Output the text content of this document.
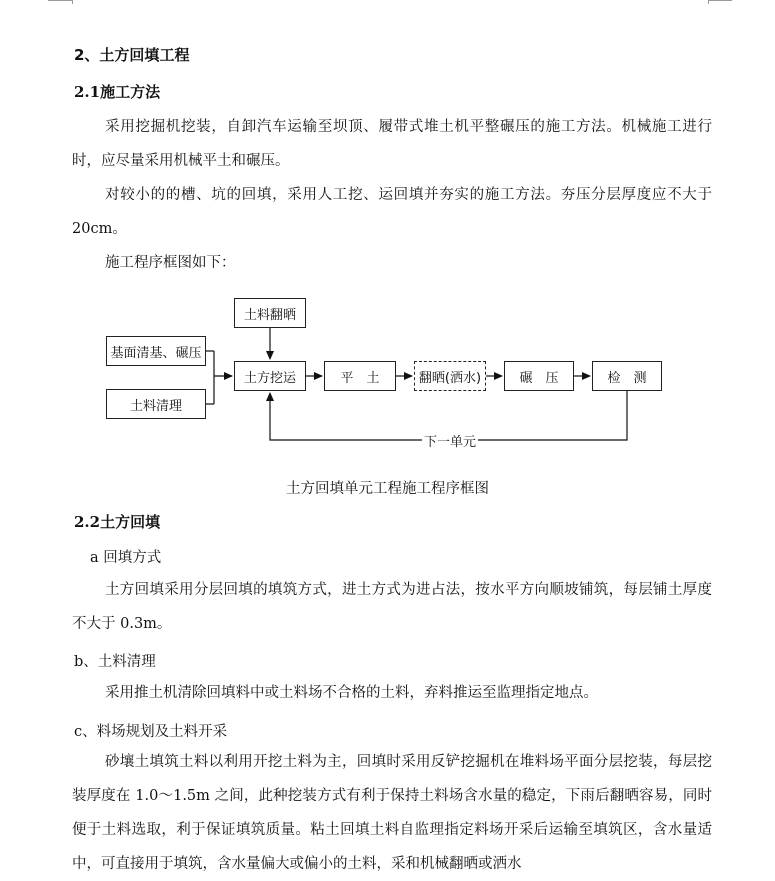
2、土方回填工程
2.1施工方法
采用挖掘机挖装，自卸汽车运输至坝顶、履带式堆土机平整碾压的施工方法。机械施工进行时，应尽量采用机械平土和碾压。
对较小的的槽、坑的回填，采用人工挖、运回填并夯实的施工方法。夯压分层厚度应不大于 20cm。
施工程序框图如下：
土料翻晒
基面清基、碾压
土料清理
土方挖运	平　土	翻晒(洒水)	碾　压	检　测
下一单元
土方回填单元工程施工程序框图
2.2土方回填
a 回填方式
土方回填采用分层回填的填筑方式，进土方式为进占法，按水平方向顺坡铺筑，每层铺土厚度不大于 0.3m。
b、土料清理
采用推土机清除回填料中或土料场不合格的土料，弃料推运至监理指定地点。
c、料场规划及土料开采
砂壤土填筑土料以利用开挖土料为主，回填时采用反铲挖掘机在堆料场平面分层挖装，每层挖装厚度在 1.0～1.5m 之间，此种挖装方式有利于保持土料场含水量的稳定，下雨后翻晒容易，同时便于土料选取，利于保证填筑质量。粘土回填土料自监理指定料场开采后运输至填筑区，含水量适中，可直接用于填筑，含水量偏大或偏小的土料，采和机械翻晒或洒水
